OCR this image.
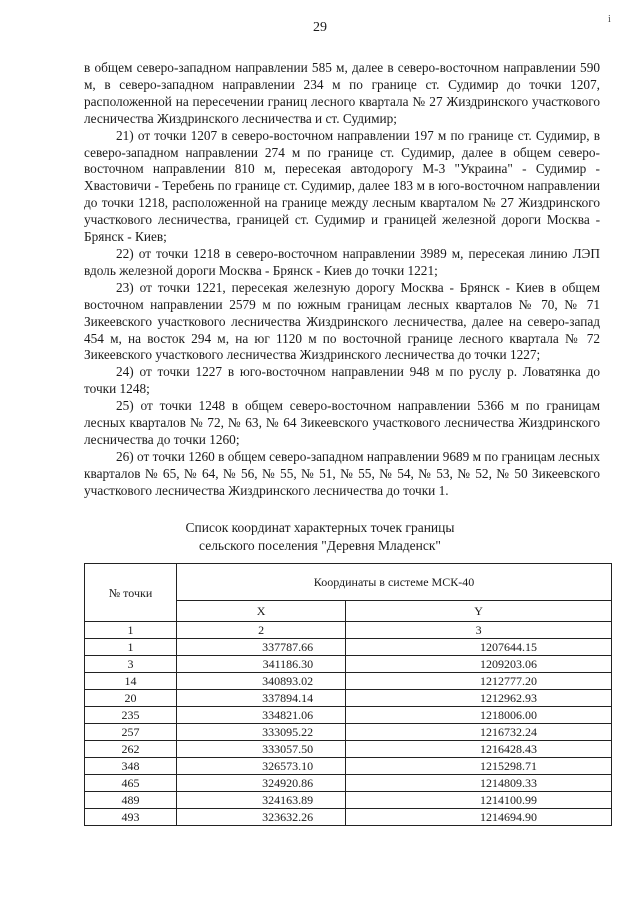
29
i

в общем северо-западном направлении 585 м, далее в северо-восточном направлении 590 м, в северо-западном направлении 234 м по границе ст. Судимир до точки 1207, расположенной на пересечении границ лесного квартала № 27 Жиздринского участкового лесничества Жиздринского лесничества и ст. Судимир;

21) от точки 1207 в северо-восточном направлении 197 м по границе ст. Судимир, в северо-западном направлении 274 м по границе ст. Судимир, далее в общем северо-восточном направлении 810 м, пересекая автодорогу М-3 "Украина" - Судимир - Хвастовичи - Теребень по границе ст. Судимир, далее 183 м в юго-восточном направлении до точки 1218, расположенной на границе между лесным кварталом № 27 Жиздринского участкового лесничества, границей ст. Судимир и границей железной дороги Москва - Брянск - Киев;

22) от точки 1218 в северо-восточном направлении 3989 м, пересекая линию ЛЭП вдоль железной дороги Москва - Брянск - Киев до точки 1221;

23) от точки 1221, пересекая железную дорогу Москва - Брянск - Киев в общем восточном направлении 2579 м по южным границам лесных кварталов № 70, № 71 Зикеевского участкового лесничества Жиздринского лесничества, далее на северо-запад 454 м, на восток 294 м, на юг 1120 м по восточной границе лесного квартала № 72 Зикеевского участкового лесничества Жиздринского лесничества до точки 1227;

24) от точки 1227 в юго-восточном направлении 948 м по руслу р. Ловатянка до точки 1248;

25) от точки 1248 в общем северо-восточном направлении 5366 м по границам лесных кварталов № 72, № 63, № 64 Зикеевского участкового лесничества Жиздринского лесничества до точки 1260;

26) от точки 1260 в общем северо-западном направлении 9689 м по границам лесных кварталов № 65, № 64, № 56, № 55, № 51, № 55, № 54, № 53, № 52, № 50 Зикеевского участкового лесничества Жиздринского лесничества до точки 1.

Список координат характерных точек границы
сельского поселения "Деревня Младенск"
№ точки	Координаты в системе МСК-40	
	X	Y
1	2	3
1	337787.66	1207644.15
3	341186.30	1209203.06
14	340893.02	1212777.20
20	337894.14	1212962.93
235	334821.06	1218006.00
257	333095.22	1216732.24
262	333057.50	1216428.43
348	326573.10	1215298.71
465	324920.86	1214809.33
489	324163.89	1214100.99
493	323632.26	1214694.90
